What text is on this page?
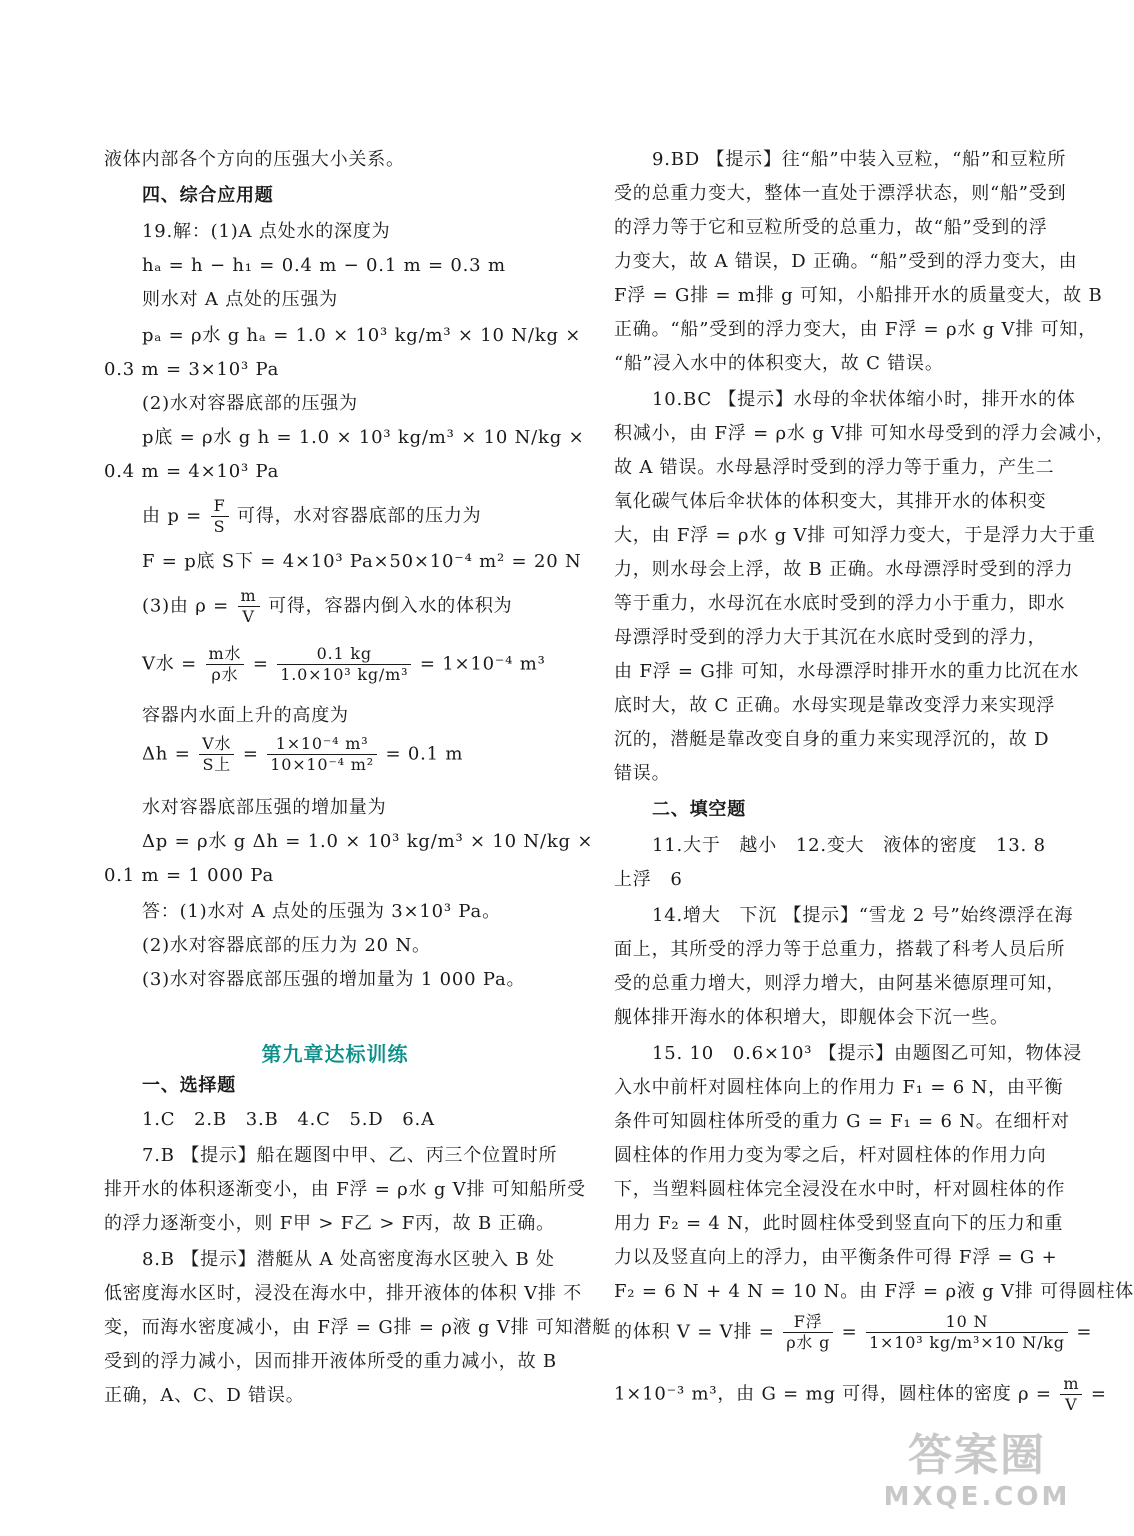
液体内部各个方向的压强大小关系。
四、综合应用题
19.解：(1)A 点处水的深度为
hₐ = h − h₁ = 0.4 m − 0.1 m = 0.3 m
则水对 A 点处的压强为
pₐ = ρ水 g hₐ = 1.0 × 10³ kg/m³ × 10 N/kg ×
0.3 m = 3×10³ Pa
(2)水对容器底部的压强为
p底 = ρ水 g h = 1.0 × 10³ kg/m³ × 10 N/kg ×
0.4 m = 4×10³ Pa
由 $p = \frac{F}{S}$ 可得，水对容器底部的压力为
F = p底 S下 = 4×10³ Pa×50×10⁻⁴ m² = 20 N
(3)由 $\rho = \frac{m}{V}$ 可得，容器内倒入水的体积为
V水 = $\frac{\text{m水}}{\text{ρ水}} = \frac{0.1 kg}{\text{1.0×10³ kg/m³}} = 1\times 10^{-4}$ m³
容器内水面上升的高度为
$\Delta h = \frac{\text{V水}}{\text{S上}} = \frac{\text{1×10⁻⁴ m³}}{\text{10×10⁻⁴ m²}} = 0.1$ m
水对容器底部压强的增加量为
Δp = ρ水 g Δh = 1.0 × 10³ kg/m³ × 10 N/kg ×
0.1 m = 1 000 Pa
答：(1)水对 A 点处的压强为 3×10³ Pa。
(2)水对容器底部的压力为 20 N。
(3)水对容器底部压强的增加量为 1 000 Pa。
第九章达标训练
一、选择题
1.C　2.B　3.B　4.C　5.D　6.A
7.B 【提示】船在题图中甲、乙、丙三个位置时所
排开水的体积逐渐变小，由 F浮 = ρ水 g V排 可知船所受
的浮力逐渐变小，则 F甲 > F乙 > F丙，故 B 正确。
8.B 【提示】潜艇从 A 处高密度海水区驶入 B 处
低密度海水区时，浸没在海水中，排开液体的体积 V排 不
变，而海水密度减小，由 F浮 = G排 = ρ液 g V排 可知潜艇
受到的浮力减小，因而排开液体所受的重力减小，故 B
正确，A、C、D 错误。
9.BD 【提示】往“船”中装入豆粒，“船”和豆粒所
受的总重力变大，整体一直处于漂浮状态，则“船”受到
的浮力等于它和豆粒所受的总重力，故“船”受到的浮
力变大，故 A 错误，D 正确。“船”受到的浮力变大，由
F浮 = G排 = m排 g 可知，小船排开水的质量变大，故 B
正确。“船”受到的浮力变大，由 F浮 = ρ水 g V排 可知，
“船”浸入水中的体积变大，故 C 错误。
10.BC 【提示】水母的伞状体缩小时，排开水的体
积减小，由 F浮 = ρ水 g V排 可知水母受到的浮力会减小，
故 A 错误。水母悬浮时受到的浮力等于重力，产生二
氧化碳气体后伞状体的体积变大，其排开水的体积变
大，由 F浮 = ρ水 g V排 可知浮力变大，于是浮力大于重
力，则水母会上浮，故 B 正确。水母漂浮时受到的浮力
等于重力，水母沉在水底时受到的浮力小于重力，即水
母漂浮时受到的浮力大于其沉在水底时受到的浮力，
由 F浮 = G排 可知，水母漂浮时排开水的重力比沉在水
底时大，故 C 正确。水母实现是靠改变浮力来实现浮
沉的，潜艇是靠改变自身的重力来实现浮沉的，故 D
错误。
二、填空题
11.大于　越小　12.变大　液体的密度　13. 8
上浮　6
14.增大　下沉 【提示】“雪龙 2 号”始终漂浮在海
面上，其所受的浮力等于总重力，搭载了科考人员后所
受的总重力增大，则浮力增大，由阿基米德原理可知，
舰体排开海水的体积增大，即舰体会下沉一些。
15. 10　0.6×10³ 【提示】由题图乙可知，物体浸
入水中前杆对圆柱体向上的作用力 F₁ = 6 N，由平衡
条件可知圆柱体所受的重力 G = F₁ = 6 N。在细杆对
圆柱体的作用力变为零之后，杆对圆柱体的作用力向
下，当塑料圆柱体完全浸没在水中时，杆对圆柱体的作
用力 F₂ = 4 N，此时圆柱体受到竖直向下的压力和重
力以及竖直向上的浮力，由平衡条件可得 F浮 = G +
F₂ = 6 N + 4 N = 10 N。由 F浮 = ρ液 g V排 可得圆柱体
的体积 V = V排 = $\frac{\text{F浮}}{\text{ρ水 g}} = \frac{10 N}{\text{1×10³ kg/m³×10 N/kg}}$ =
1×10⁻³ m³，由 G = mg 可得，圆柱体的密度 $\rho = \frac{m}{V}$ =
答案圈
MXQE.COM
